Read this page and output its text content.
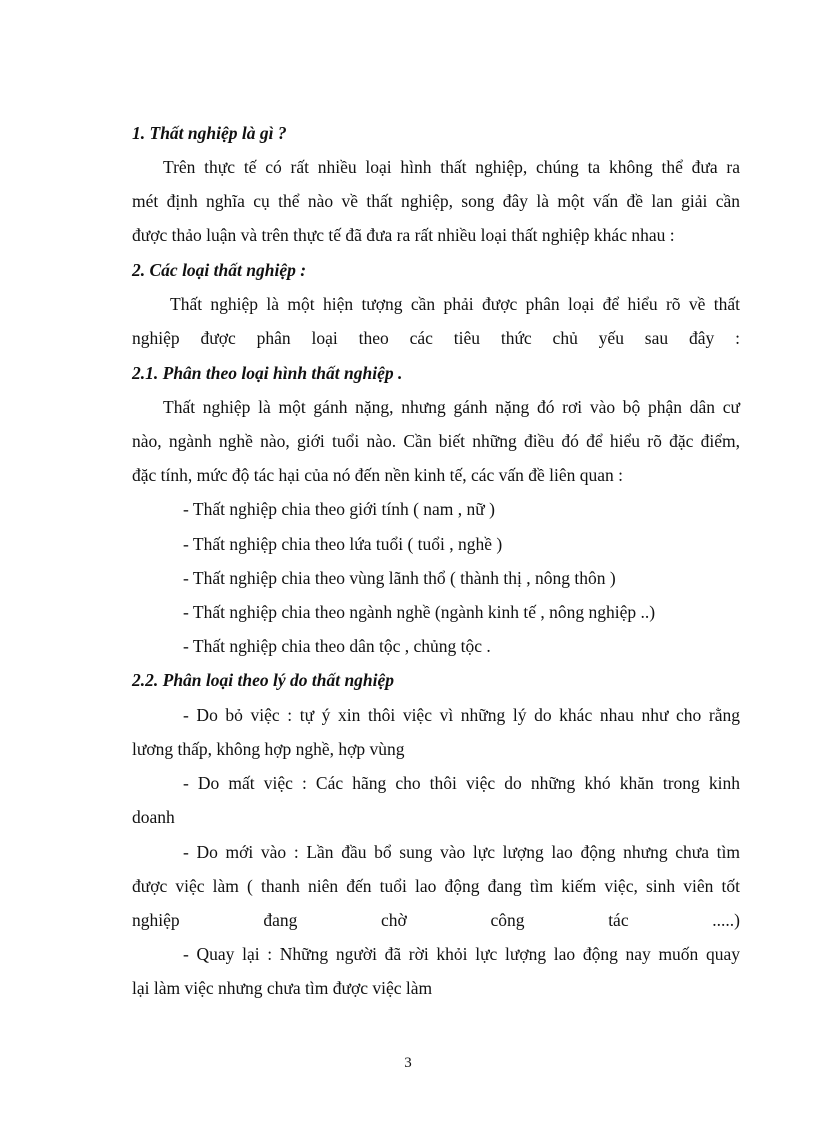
1. Thất nghiệp là gì ?
Trên thực tế có rất nhiều loại hình thất nghiệp, chúng ta không thể đưa ra
mét định nghĩa cụ thể nào về thất nghiệp, song đây là một vấn đề lan giải cần
được thảo luận và trên thực tế đã đưa ra rất nhiều loại thất nghiệp khác nhau :
2. Các loại thất nghiệp :
Thất nghiệp là một hiện tượng cần phải được phân loại để hiểu rõ về thất
nghiệp được phân loại theo các tiêu thức chủ yếu sau đây :
2.1. Phân theo loại hình thất nghiệp .
Thất nghiệp là một gánh nặng, nhưng gánh nặng đó rơi vào bộ phận dân cư
nào, ngành nghề nào, giới tuổi nào. Cần biết những điều đó để hiểu rõ đặc điểm,
đặc tính, mức độ tác hại của nó đến nền kinh tế, các vấn đề liên quan :
- Thất nghiệp chia theo giới tính ( nam , nữ )
- Thất nghiệp chia theo lứa tuổi ( tuổi , nghề )
- Thất nghiệp chia theo vùng lãnh thổ ( thành thị , nông thôn )
- Thất nghiệp chia theo ngành nghề (ngành kinh tế , nông nghiệp ..)
- Thất nghiệp chia theo dân tộc , chủng tộc .
2.2. Phân loại theo lý do thất nghiệp
- Do bỏ việc : tự ý xin thôi việc vì những lý do khác nhau như cho rằng
lương thấp, không hợp nghề, hợp vùng
- Do mất việc : Các hãng cho thôi việc do những khó khăn trong kinh
doanh
- Do mới vào : Lần đầu bổ sung vào lực lượng lao động nhưng chưa tìm
được việc làm ( thanh niên đến tuổi lao động đang tìm kiếm việc, sinh viên tốt
nghiệp đang chờ công tác .....)
- Quay lại : Những người đã rời khỏi lực lượng lao động nay muốn quay
lại làm việc nhưng chưa tìm được việc làm
3
